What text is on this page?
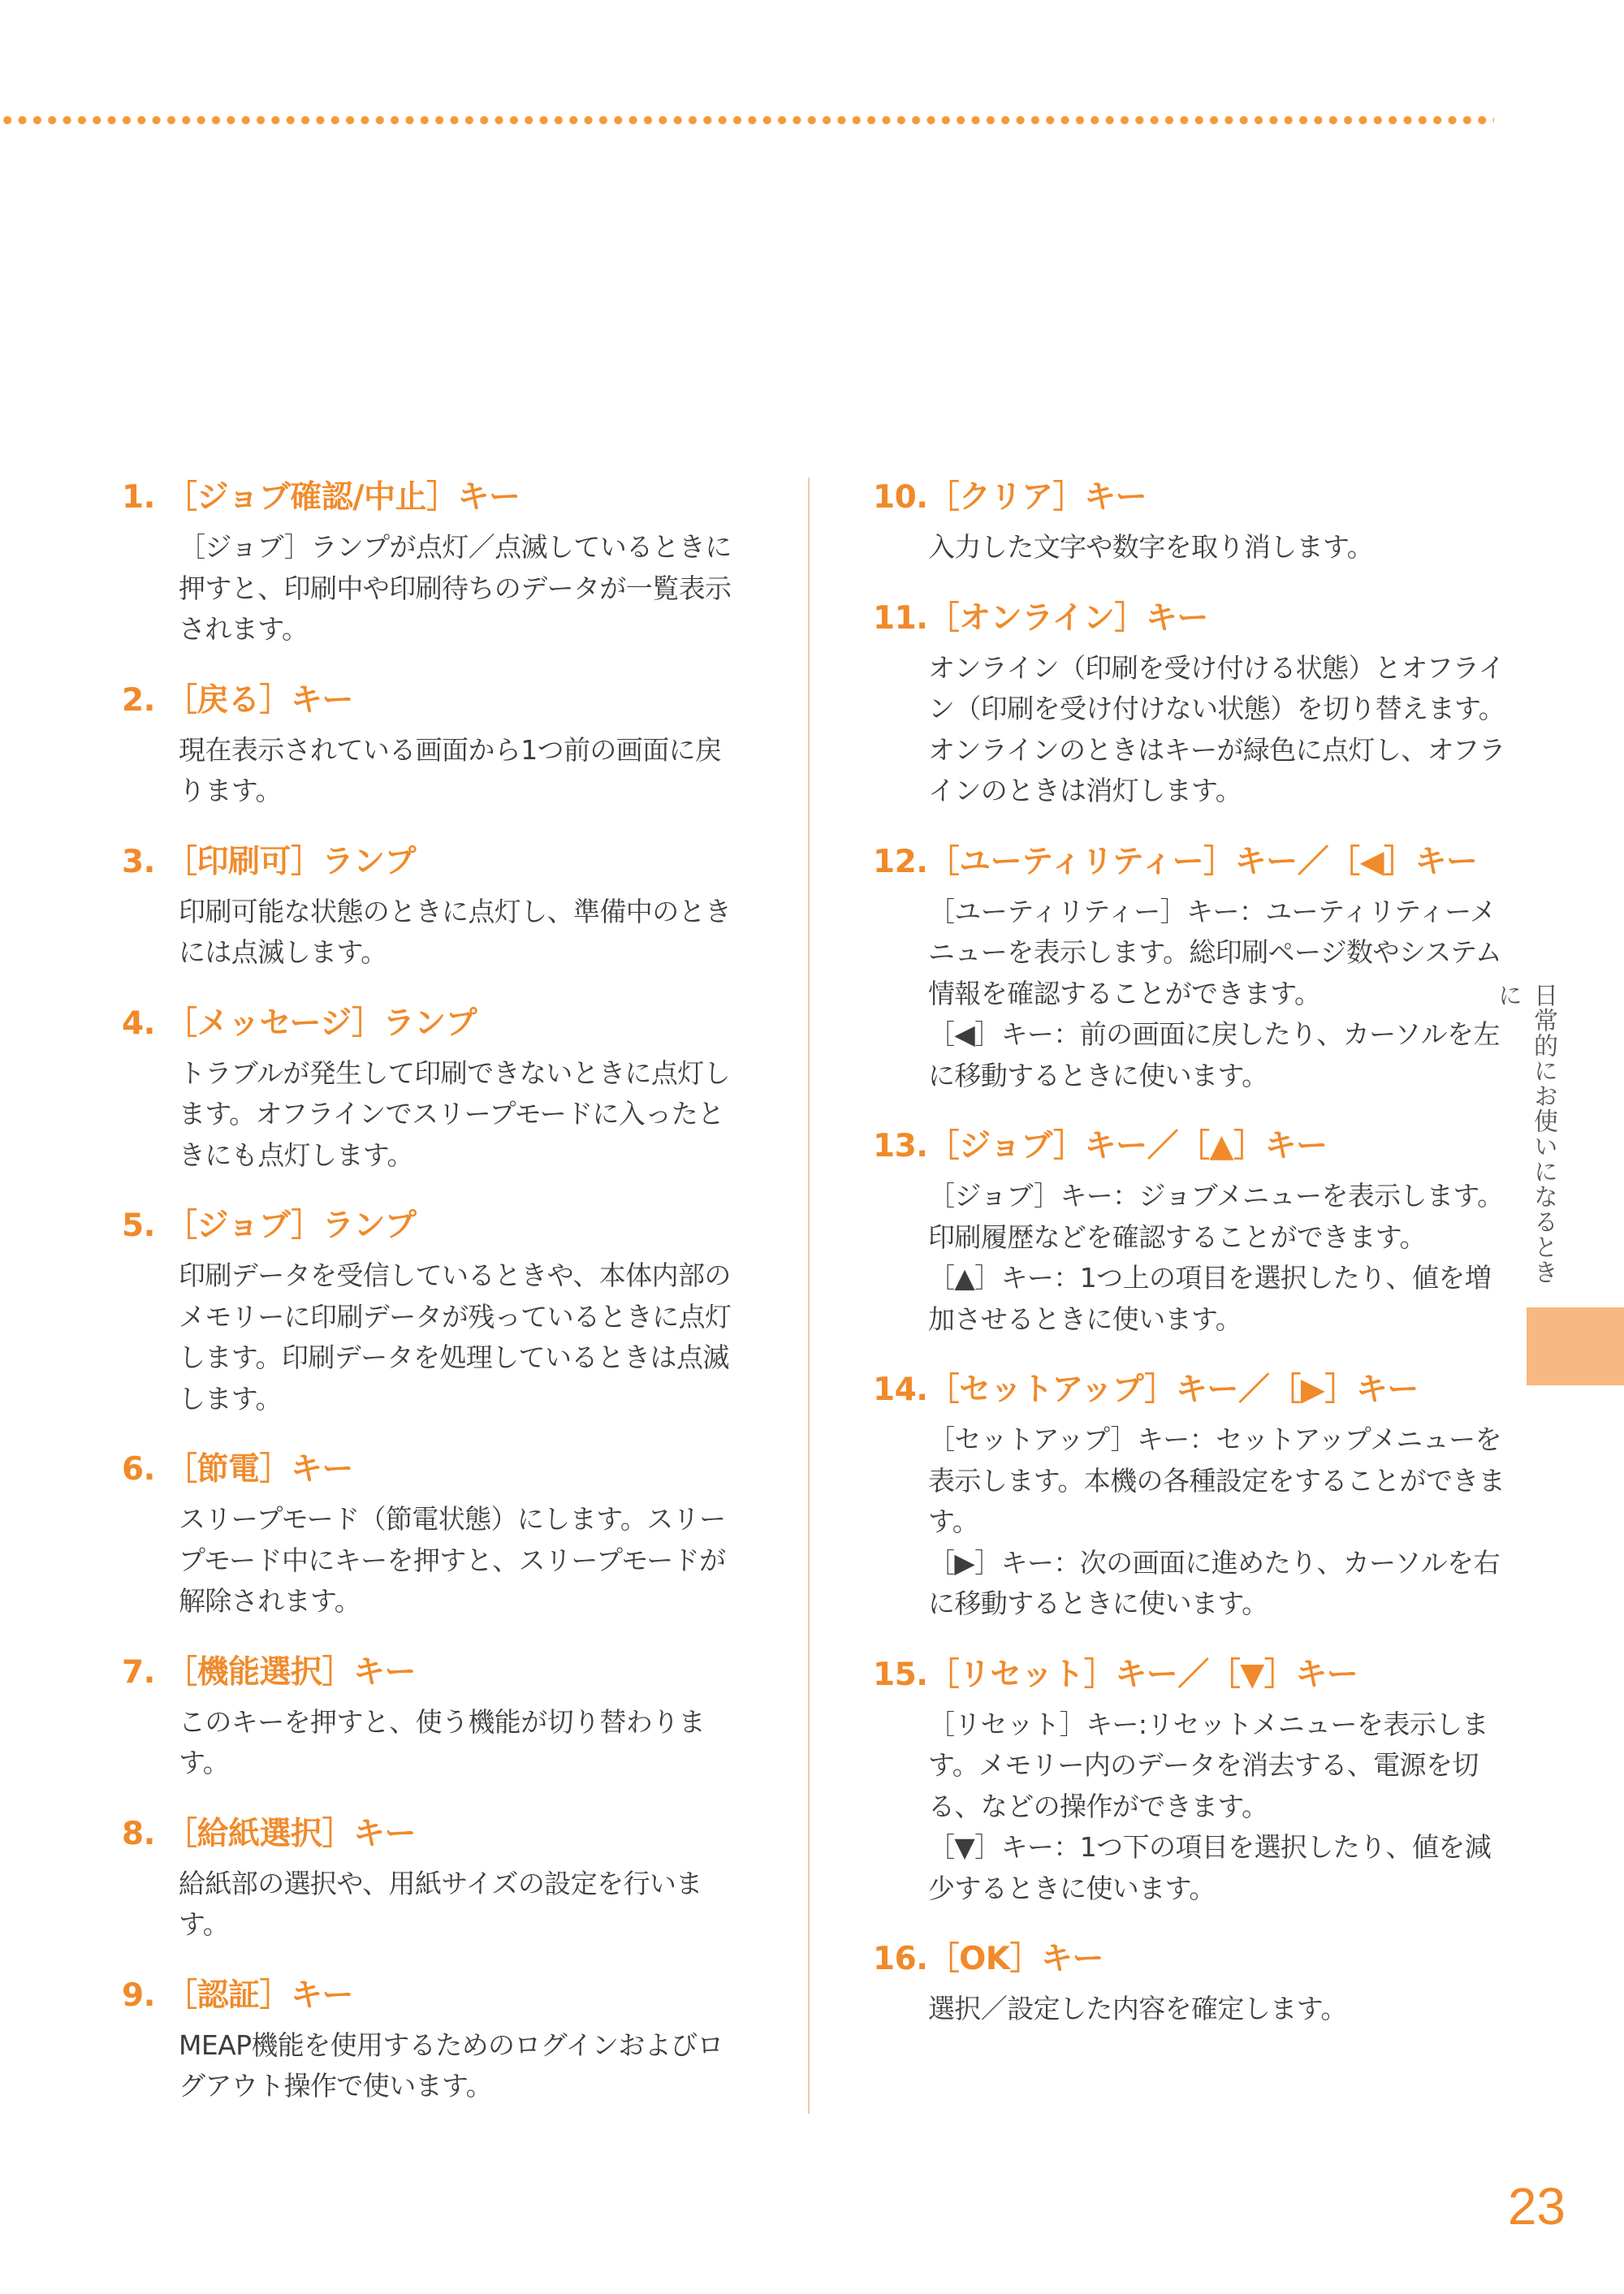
1. ［ジョブ確認/中止］キー

［ジョブ］ランプが点灯／点滅しているときに押すと、印刷中や印刷待ちのデータが一覧表示されます。

2. ［戻る］キー

現在表示されている画面から1つ前の画面に戻ります。

3. ［印刷可］ランプ

印刷可能な状態のときに点灯し、準備中のときには点滅します。

4. ［メッセージ］ランプ

トラブルが発生して印刷できないときに点灯します。オフラインでスリープモードに入ったときにも点灯します。

5. ［ジョブ］ランプ

印刷データを受信しているときや、本体内部のメモリーに印刷データが残っているときに点灯します。印刷データを処理しているときは点滅します。

6. ［節電］キー

スリープモード（節電状態）にします。スリープモード中にキーを押すと、スリープモードが解除されます。

7. ［機能選択］キー

このキーを押すと、使う機能が切り替わります。

8. ［給紙選択］キー

給紙部の選択や、用紙サイズの設定を行います。

9. ［認証］キー

MEAP機能を使用するためのログインおよびログアウト操作で使います。

10.［クリア］キー

入力した文字や数字を取り消します。

11.［オンライン］キー

オンライン（印刷を受け付ける状態）とオフライン（印刷を受け付けない状態）を切り替えます。オンラインのときはキーが緑色に点灯し、オフラインのときは消灯します。

12.［ユーティリティー］キー／［◀］キー

［ユーティリティー］キー：ユーティリティーメニューを表示します。総印刷ページ数やシステム情報を確認することができます。

［◀］キー：前の画面に戻したり、カーソルを左に移動するときに使います。

13.［ジョブ］キー／［▲］キー

［ジョブ］キー：ジョブメニューを表示します。印刷履歴などを確認することができます。

［▲］キー：1つ上の項目を選択したり、値を増加させるときに使います。

14.［セットアップ］キー／［▶］キー

［セットアップ］キー：セットアップメニューを表示します。本機の各種設定をすることができます。

［▶］キー：次の画面に進めたり、カーソルを右に移動するときに使います。

15.［リセット］キー／［▼］キー

［リセット］キー:リセットメニューを表示します。メモリー内のデータを消去する、電源を切る、などの操作ができます。

［▼］キー：1つ下の項目を選択したり、値を減少するときに使います。

16.［OK］キー

選択／設定した内容を確定します。

日常的にお使いになるときに
23
